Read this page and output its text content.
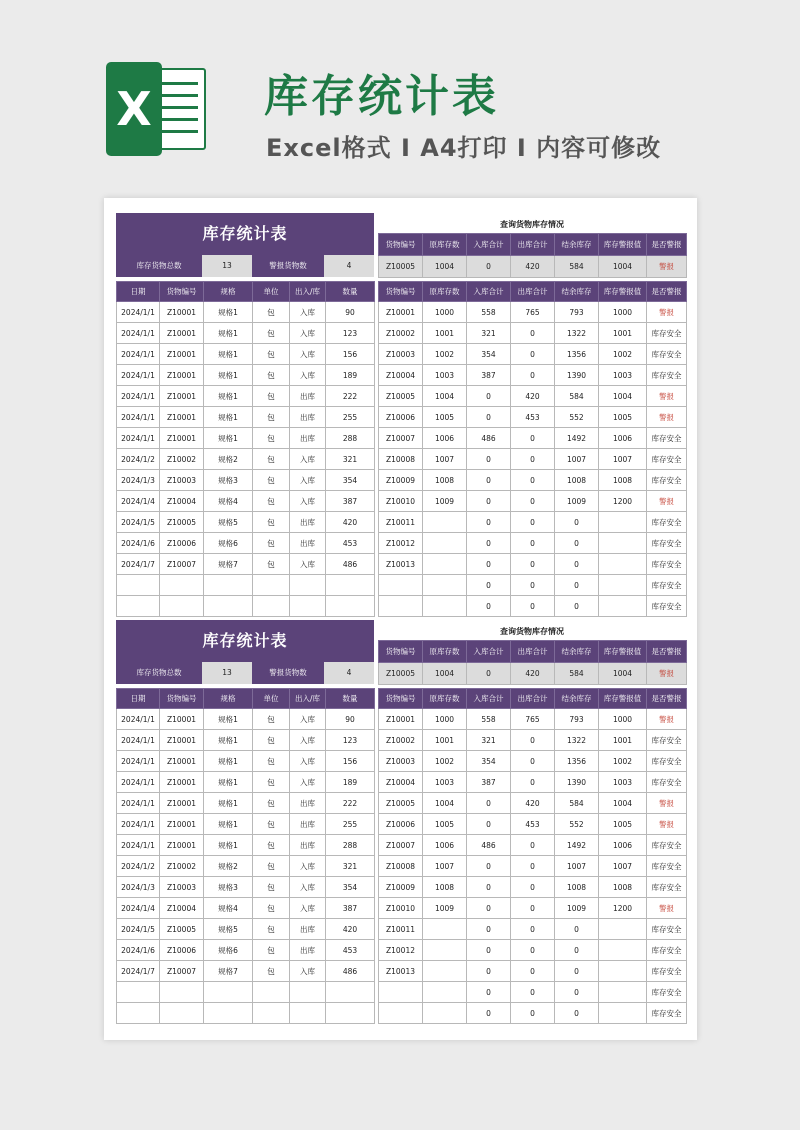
X	库存统计表
Excel格式 Ⅰ A4打印 Ⅰ 内容可修改
库存统计表
库存货物总数	13	警报货物数	4
查询货物库存情况
货物编号	原库存数	入库合计	出库合计	结余库存	库存警报值	是否警报
Z10005	1004	0	420	584	1004	警报
日期	货物编号	规格	单位	出入/库	数量
2024/1/1	Z10001	规格1	包	入库	90
2024/1/1	Z10001	规格1	包	入库	123
2024/1/1	Z10001	规格1	包	入库	156
2024/1/1	Z10001	规格1	包	入库	189
2024/1/1	Z10001	规格1	包	出库	222
2024/1/1	Z10001	规格1	包	出库	255
2024/1/1	Z10001	规格1	包	出库	288
2024/1/2	Z10002	规格2	包	入库	321
2024/1/3	Z10003	规格3	包	入库	354
2024/1/4	Z10004	规格4	包	入库	387
2024/1/5	Z10005	规格5	包	出库	420
2024/1/6	Z10006	规格6	包	出库	453
2024/1/7	Z10007	规格7	包	入库	486

货物编号	原库存数	入库合计	出库合计	结余库存	库存警报值	是否警报
Z10001	1000	558	765	793	1000	警报
Z10002	1001	321	0	1322	1001	库存安全
Z10003	1002	354	0	1356	1002	库存安全
Z10004	1003	387	0	1390	1003	库存安全
Z10005	1004	0	420	584	1004	警报
Z10006	1005	0	453	552	1005	警报
Z10007	1006	486	0	1492	1006	库存安全
Z10008	1007	0	0	1007	1007	库存安全
Z10009	1008	0	0	1008	1008	库存安全
Z10010	1009	0	0	1009	1200	警报
Z10011		0	0	0		库存安全
Z10012		0	0	0		库存安全
Z10013		0	0	0		库存安全
		0	0	0		库存安全
		0	0	0		库存安全
库存统计表
库存货物总数	13	警报货物数	4
查询货物库存情况
货物编号	原库存数	入库合计	出库合计	结余库存	库存警报值	是否警报
Z10005	1004	0	420	584	1004	警报
日期	货物编号	规格	单位	出入/库	数量
2024/1/1	Z10001	规格1	包	入库	90
2024/1/1	Z10001	规格1	包	入库	123
2024/1/1	Z10001	规格1	包	入库	156
2024/1/1	Z10001	规格1	包	入库	189
2024/1/1	Z10001	规格1	包	出库	222
2024/1/1	Z10001	规格1	包	出库	255
2024/1/1	Z10001	规格1	包	出库	288
2024/1/2	Z10002	规格2	包	入库	321
2024/1/3	Z10003	规格3	包	入库	354
2024/1/4	Z10004	规格4	包	入库	387
2024/1/5	Z10005	规格5	包	出库	420
2024/1/6	Z10006	规格6	包	出库	453
2024/1/7	Z10007	规格7	包	入库	486

货物编号	原库存数	入库合计	出库合计	结余库存	库存警报值	是否警报
Z10001	1000	558	765	793	1000	警报
Z10002	1001	321	0	1322	1001	库存安全
Z10003	1002	354	0	1356	1002	库存安全
Z10004	1003	387	0	1390	1003	库存安全
Z10005	1004	0	420	584	1004	警报
Z10006	1005	0	453	552	1005	警报
Z10007	1006	486	0	1492	1006	库存安全
Z10008	1007	0	0	1007	1007	库存安全
Z10009	1008	0	0	1008	1008	库存安全
Z10010	1009	0	0	1009	1200	警报
Z10011		0	0	0		库存安全
Z10012		0	0	0		库存安全
Z10013		0	0	0		库存安全
		0	0	0		库存安全
		0	0	0		库存安全
